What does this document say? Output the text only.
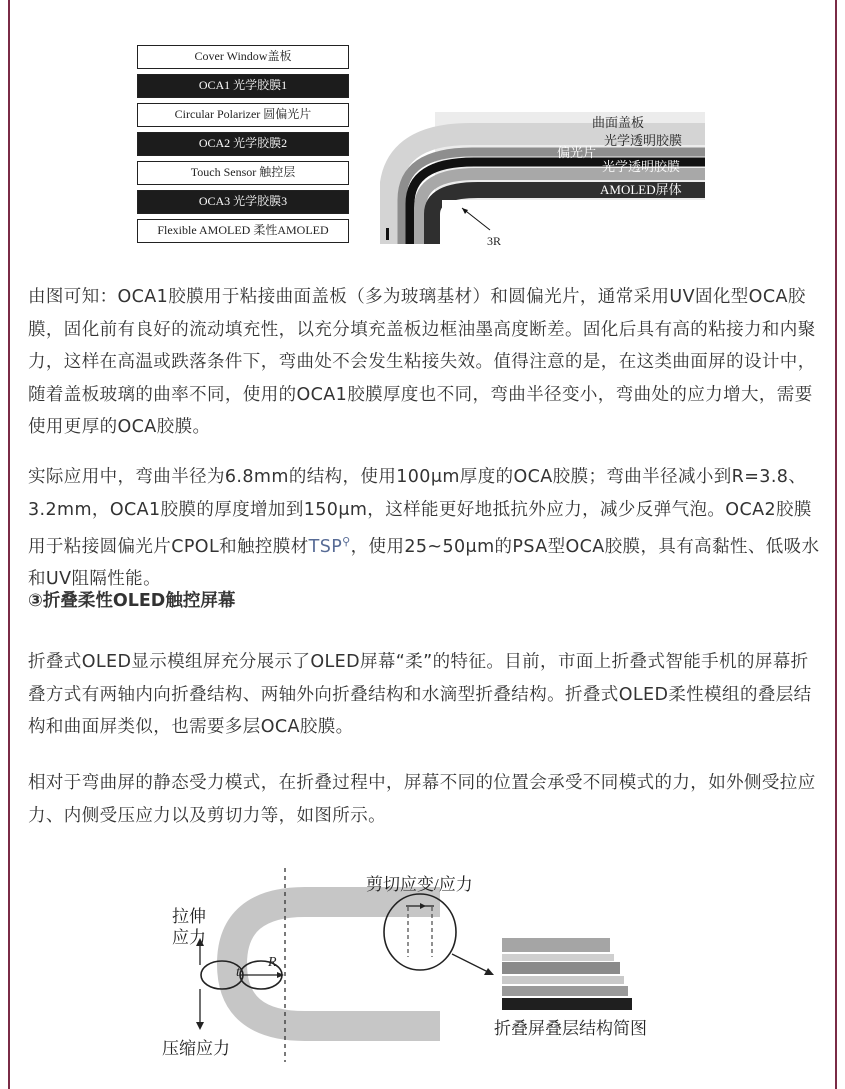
Cover Window盖板
OCA1 光学胶膜1
Circular Polarizer 圆偏光片
OCA2 光学胶膜2
Touch Sensor 触控层
OCA3 光学胶膜3
Flexible AMOLED 柔性AMOLED
曲面盖板
光学透明胶膜
偏光片
光学透明胶膜
AMOLED屏体
3R

由图可知：OCA1胶膜用于粘接曲面盖板（多为玻璃基材）和圆偏光片，通常采用UV固化型OCA胶膜，固化前有良好的流动填充性，以充分填充盖板边框油墨高度断差。固化后具有高的粘接力和内聚力，这样在高温或跌落条件下，弯曲处不会发生粘接失效。值得注意的是，在这类曲面屏的设计中，随着盖板玻璃的曲率不同，使用的OCA1胶膜厚度也不同，弯曲半径变小，弯曲处的应力增大，需要使用更厚的OCA胶膜。

实际应用中，弯曲半径为6.8mm的结构，使用100μm厚度的OCA胶膜；弯曲半径减小到R=3.8、3.2mm，OCA1胶膜的厚度增加到150μm，这样能更好地抵抗外应力，减少反弹气泡。OCA2胶膜用于粘接圆偏光片CPOL和触控膜材TSP⚲，使用25~50μm的PSA型OCA胶膜，具有高黏性、低吸水和UV阻隔性能。

③折叠柔性OLED触控屏幕

折叠式OLED显示模组屏充分展示了OLED屏幕“柔”的特征。目前，市面上折叠式智能手机的屏幕折叠方式有两轴内向折叠结构、两轴外向折叠结构和水滴型折叠结构。折叠式OLED柔性模组的叠层结构和曲面屏类似，也需要多层OCA胶膜。

相对于弯曲屏的静态受力模式，在折叠过程中，屏幕不同的位置会承受不同模式的力，如外侧受拉应力、内侧受压应力以及剪切力等，如图所示。

拉伸
应力
压缩应力
剪切应变/应力
t
R
折叠屏叠层结构简图
